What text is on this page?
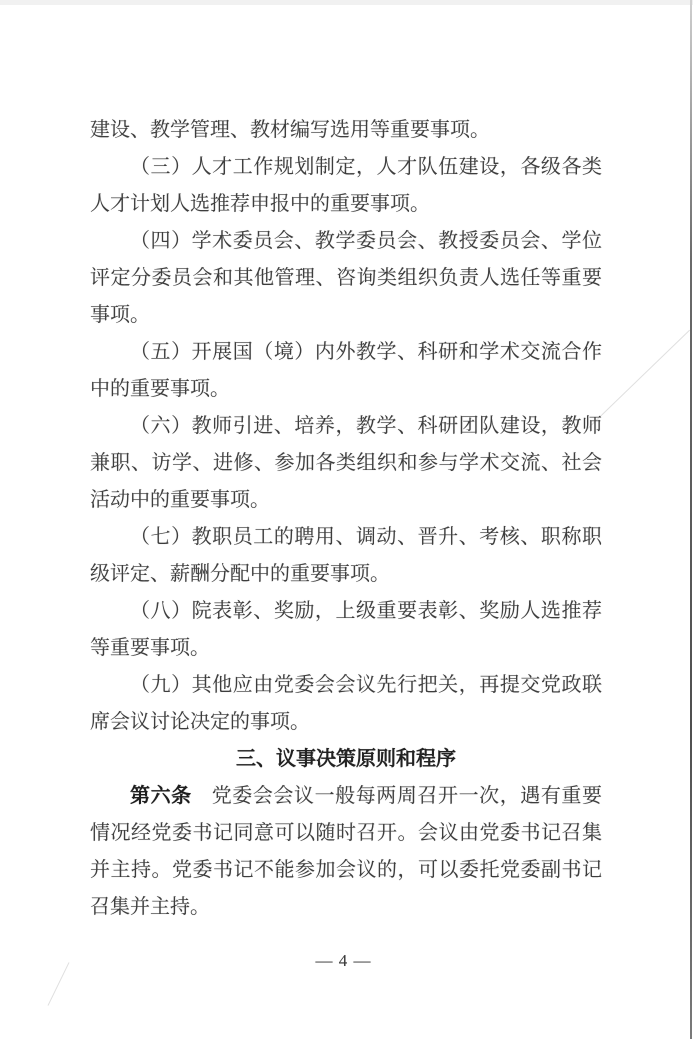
建设、教学管理、教材编写选用等重要事项。

（三）人才工作规划制定，人才队伍建设，各级各类人才计划人选推荐申报中的重要事项。

（四）学术委员会、教学委员会、教授委员会、学位评定分委员会和其他管理、咨询类组织负责人选任等重要事项。

（五）开展国（境）内外教学、科研和学术交流合作中的重要事项。

（六）教师引进、培养，教学、科研团队建设，教师兼职、访学、进修、参加各类组织和参与学术交流、社会活动中的重要事项。

（七）教职员工的聘用、调动、晋升、考核、职称职级评定、薪酬分配中的重要事项。

（八）院表彰、奖励，上级重要表彰、奖励人选推荐等重要事项。

（九）其他应由党委会会议先行把关，再提交党政联席会议讨论决定的事项。

三、议事决策原则和程序

第六条 党委会会议一般每两周召开一次，遇有重要情况经党委书记同意可以随时召开。会议由党委书记召集并主持。党委书记不能参加会议的，可以委托党委副书记召集并主持。

— 4 —
